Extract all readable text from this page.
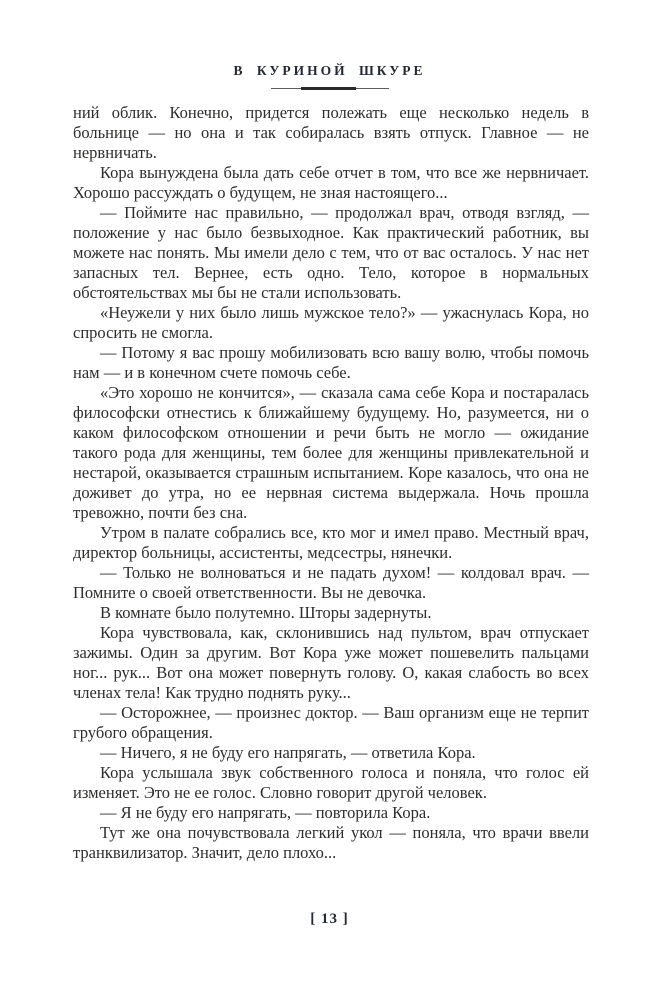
В КУРИНОЙ ШКУРЕ

ний облик. Конечно, придется полежать еще несколько недель в больнице — но она и так собиралась взять отпуск. Главное — не нервничать.

Кора вынуждена была дать себе отчет в том, что все же нервничает. Хорошо рассуждать о будущем, не зная настоящего...

— Поймите нас правильно, — продолжал врач, отводя взгляд, — положение у нас было безвыходное. Как практический работник, вы можете нас понять. Мы имели дело с тем, что от вас осталось. У нас нет запасных тел. Вернее, есть одно. Тело, которое в нормальных обстоятельствах мы бы не стали использовать.

«Неужели у них было лишь мужское тело?» — ужаснулась Кора, но спросить не смогла.

— Потому я вас прошу мобилизовать всю вашу волю, чтобы помочь нам — и в конечном счете помочь себе.

«Это хорошо не кончится», — сказала сама себе Кора и постаралась философски отнестись к ближайшему будущему. Но, разумеется, ни о каком философском отношении и речи быть не могло — ожидание такого рода для женщины, тем более для женщины привлекательной и нестарой, оказывается страшным испытанием. Коре казалось, что она не доживет до утра, но ее нервная система выдержала. Ночь прошла тревожно, почти без сна.

Утром в палате собрались все, кто мог и имел право. Местный врач, директор больницы, ассистенты, медсестры, нянечки.

— Только не волноваться и не падать духом! — колдовал врач. — Помните о своей ответственности. Вы не девочка.

В комнате было полутемно. Шторы задернуты.

Кора чувствовала, как, склонившись над пультом, врач отпускает зажимы. Один за другим. Вот Кора уже может пошевелить пальцами ног... рук... Вот она может повернуть голову. О, какая слабость во всех членах тела! Как трудно поднять руку...

— Осторожнее, — произнес доктор. — Ваш организм еще не терпит грубого обращения.

— Ничего, я не буду его напрягать, — ответила Кора.

Кора услышала звук собственного голоса и поняла, что голос ей изменяет. Это не ее голос. Словно говорит другой человек.

— Я не буду его напрягать, — повторила Кора.

Тут же она почувствовала легкий укол — поняла, что врачи ввели транквилизатор. Значит, дело плохо...

[ 13 ]
